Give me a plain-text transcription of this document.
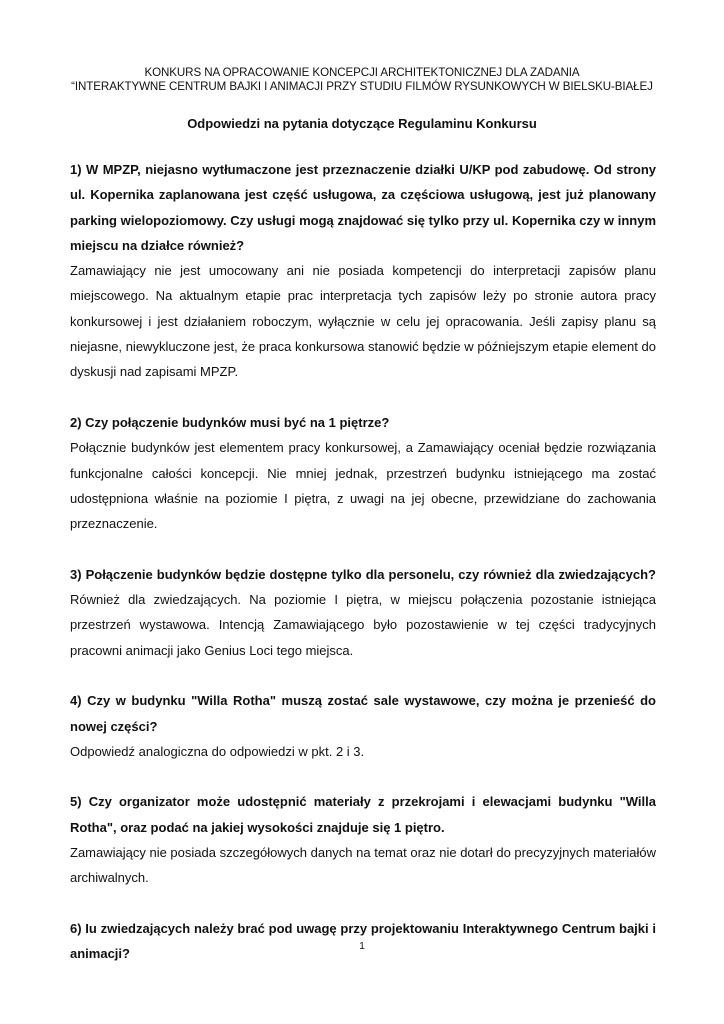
KONKURS NA OPRACOWANIE KONCEPCJI ARCHITEKTONICZNEJ DLA ZADANIA
“INTERAKTYWNE CENTRUM BAJKI I ANIMACJI PRZY STUDIU FILMÓW RYSUNKOWYCH W BIELSKU-BIAŁEJ
Odpowiedzi na pytania dotyczące Regulaminu Konkursu

1) W MPZP, niejasno wytłumaczone jest przeznaczenie działki U/KP pod zabudowę. Od strony ul. Kopernika zaplanowana jest część usługowa, za częściowa usługową, jest już planowany parking wielopoziomowy. Czy usługi mogą znajdować się tylko przy ul. Kopernika czy w innym miejscu na działce również?

Zamawiający nie jest umocowany ani nie posiada kompetencji do interpretacji zapisów planu miejscowego. Na aktualnym etapie prac interpretacja tych zapisów leży po stronie autora pracy konkursowej i jest działaniem roboczym, wyłącznie w celu jej opracowania. Jeśli zapisy planu są niejasne, niewykluczone jest, że praca konkursowa stanowić będzie w późniejszym etapie element do dyskusji nad zapisami MPZP.

2) Czy połączenie budynków musi być na 1 piętrze?

Połącznie budynków jest elementem pracy konkursowej, a Zamawiający oceniał będzie rozwiązania funkcjonalne całości koncepcji. Nie mniej jednak, przestrzeń budynku istniejącego ma zostać udostępniona właśnie na poziomie I piętra, z uwagi na jej obecne, przewidziane do zachowania przeznaczenie.

3) Połączenie budynków będzie dostępne tylko dla personelu, czy również dla zwiedzających? Również dla zwiedzających. Na poziomie I piętra, w miejscu połączenia pozostanie istniejąca przestrzeń wystawowa. Intencją Zamawiającego było pozostawienie w tej części tradycyjnych pracowni animacji jako Genius Loci tego miejsca.

4) Czy w budynku "Willa Rotha" muszą zostać sale wystawowe, czy można je przenieść do nowej części?

Odpowiedź analogiczna do odpowiedzi w pkt. 2 i 3.

5) Czy organizator może udostępnić materiały z przekrojami i elewacjami budynku "Willa Rotha", oraz podać na jakiej wysokości znajduje się 1 piętro.

Zamawiający nie posiada szczegółowych danych na temat oraz nie dotarł do precyzyjnych materiałów archiwalnych.

6) Iu zwiedzających należy brać pod uwagę przy projektowaniu Interaktywnego Centrum bajki i animacji?	1
